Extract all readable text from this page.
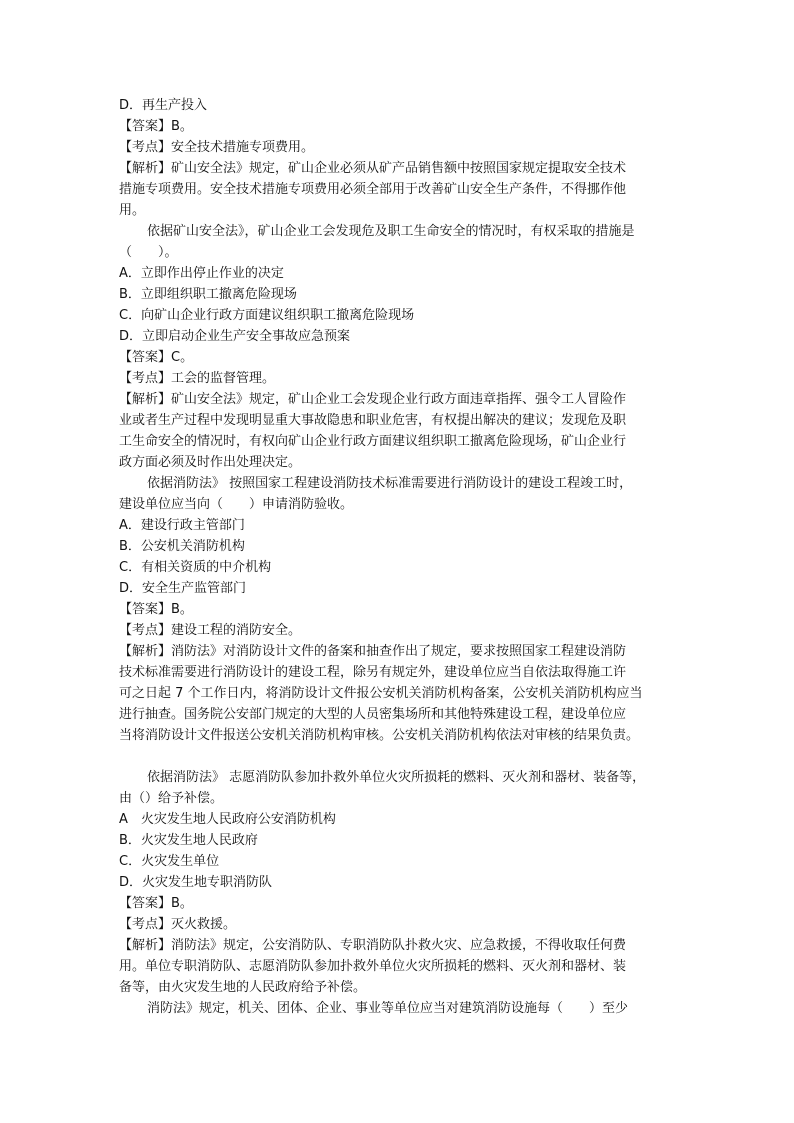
D．再生产投入
【答案】B。
【考点】安全技术措施专项费用。
【解析】矿山安全法》规定，矿山企业必须从矿产品销售额中按照国家规定提取安全技术
措施专项费用。安全技术措施专项费用必须全部用于改善矿山安全生产条件，不得挪作他
用。
依据矿山安全法》，矿山企业工会发现危及职工生命安全的情况时，有权采取的措施是
（　　）。
A．立即作出停止作业的决定
B．立即组织职工撤离危险现场
C．向矿山企业行政方面建议组织职工撤离危险现场
D．立即启动企业生产安全事故应急预案
【答案】C。
【考点】工会的监督管理。
【解析】矿山安全法》规定，矿山企业工会发现企业行政方面违章指挥、强令工人冒险作
业或者生产过程中发现明显重大事故隐患和职业危害，有权提出解决的建议；发现危及职
工生命安全的情况时，有权向矿山企业行政方面建议组织职工撤离危险现场，矿山企业行
政方面必须及时作出处理决定。
依据消防法》 按照国家工程建设消防技术标准需要进行消防设计的建设工程竣工时，
建设单位应当向（　　）申请消防验收。
A．建设行政主管部门
B．公安机关消防机构
C．有相关资质的中介机构
D．安全生产监管部门
【答案】B。
【考点】建设工程的消防安全。
【解析】消防法》对消防设计文件的备案和抽查作出了规定，要求按照国家工程建设消防
技术标准需要进行消防设计的建设工程，除另有规定外，建设单位应当自依法取得施工许
可之日起 7 个工作日内，将消防设计文件报公安机关消防机构备案，公安机关消防机构应当
进行抽查。国务院公安部门规定的大型的人员密集场所和其他特殊建设工程，建设单位应
当将消防设计文件报送公安机关消防机构审核。公安机关消防机构依法对审核的结果负责。
依据消防法》 志愿消防队参加扑救外单位火灾所损耗的燃料、灭火剂和器材、装备等，
由（）给予补偿。
A　火灾发生地人民政府公安消防机构
B．火灾发生地人民政府
C．火灾发生单位
D．火灾发生地专职消防队
【答案】B。
【考点】灭火救援。
【解析】消防法》规定，公安消防队、专职消防队扑救火灾、应急救援，不得收取任何费
用。单位专职消防队、志愿消防队参加扑救外单位火灾所损耗的燃料、灭火剂和器材、装
备等，由火灾发生地的人民政府给予补偿。
消防法》规定，机关、团体、企业、事业等单位应当对建筑消防设施每（　　）至少
